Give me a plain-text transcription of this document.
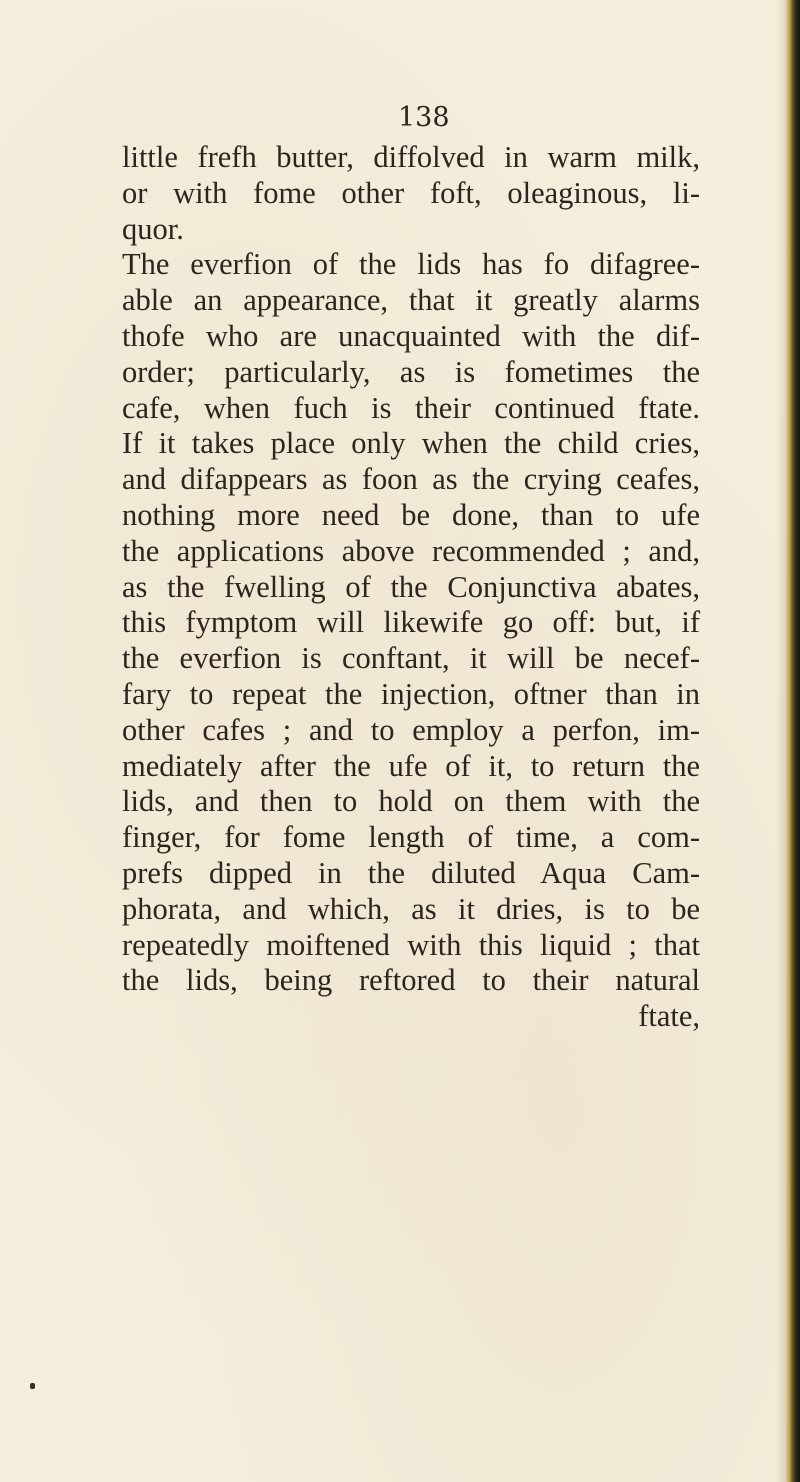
138
little frefh butter, diffolved in warm milk,
or with fome other foft, oleaginous, li-
quor.
The everfion of the lids has fo difagree-
able an appearance, that it greatly alarms
thofe who are unacquainted with the dif-
order; particularly, as is fometimes the
cafe, when fuch is their continued ftate.
If it takes place only when the child cries,
and difappears as foon as the crying ceafes,
nothing more need be done, than to ufe
the applications above recommended ; and,
as the fwelling of the Conjunctiva abates,
this fymptom will likewife go off: but, if
the everfion is conftant, it will be necef-
fary to repeat the injection, oftner than in
other cafes ; and to employ a perfon, im-
mediately after the ufe of it, to return the
lids, and then to hold on them with the
finger, for fome length of time, a com-
prefs dipped in the diluted Aqua Cam-
phorata, and which, as it dries, is to be
repeatedly moiftened with this liquid ; that
the lids, being reftored to their natural
ftate,
